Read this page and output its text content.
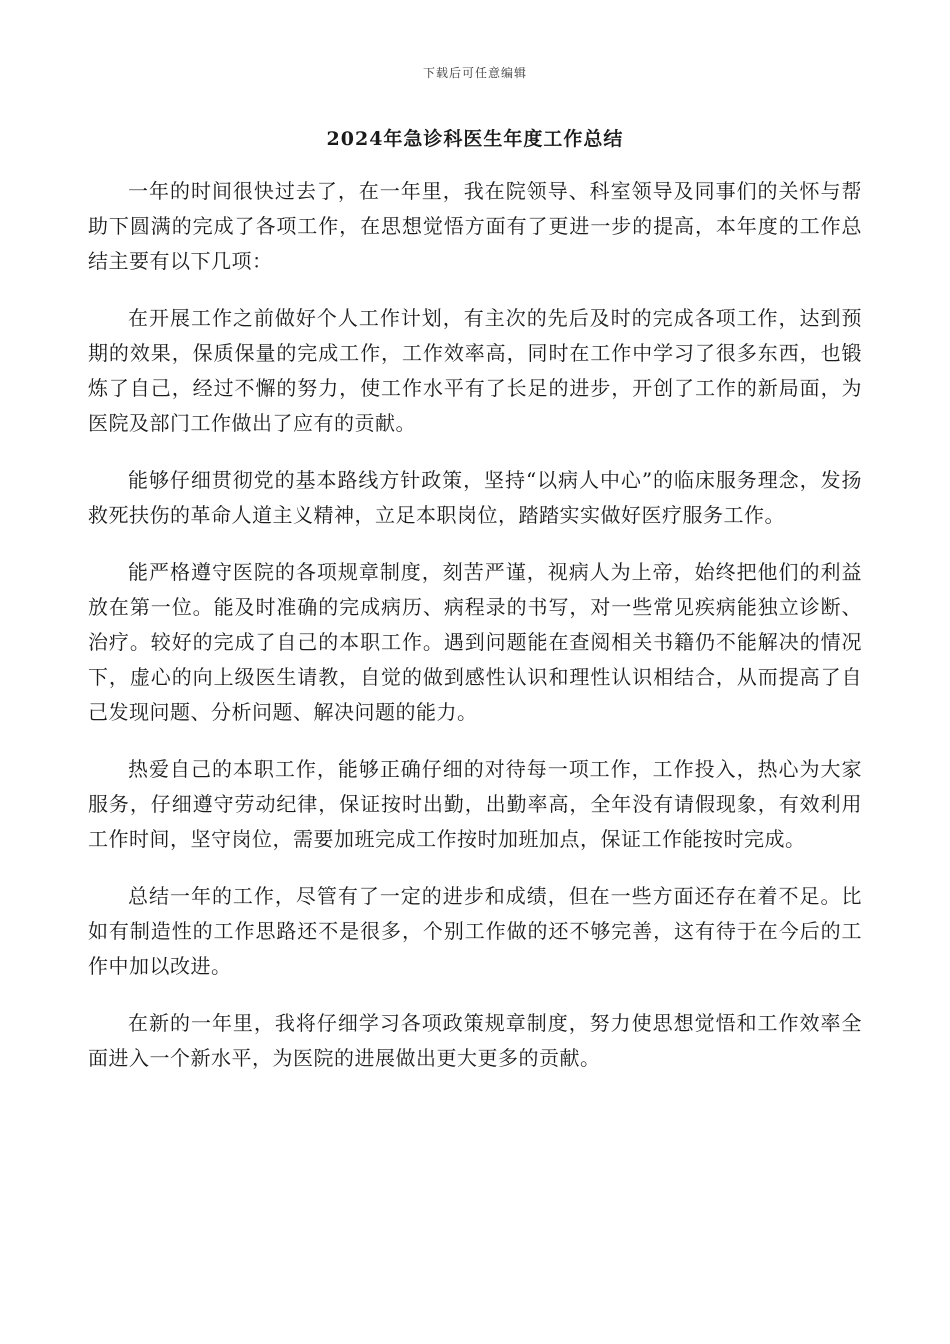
下载后可任意编辑
2024年急诊科医生年度工作总结

一年的时间很快过去了，在一年里，我在院领导、科室领导及同事们的关怀与帮助下圆满的完成了各项工作，在思想觉悟方面有了更进一步的提高，本年度的工作总结主要有以下几项：

在开展工作之前做好个人工作计划，有主次的先后及时的完成各项工作，达到预期的效果，保质保量的完成工作，工作效率高，同时在工作中学习了很多东西，也锻炼了自己，经过不懈的努力，使工作水平有了长足的进步，开创了工作的新局面，为医院及部门工作做出了应有的贡献。

能够仔细贯彻党的基本路线方针政策，坚持“以病人中心”的临床服务理念，发扬救死扶伤的革命人道主义精神，立足本职岗位，踏踏实实做好医疗服务工作。

能严格遵守医院的各项规章制度，刻苦严谨，视病人为上帝，始终把他们的利益放在第一位。能及时准确的完成病历、病程录的书写，对一些常见疾病能独立诊断、治疗。较好的完成了自己的本职工作。遇到问题能在查阅相关书籍仍不能解决的情况下，虚心的向上级医生请教，自觉的做到感性认识和理性认识相结合，从而提高了自己发现问题、分析问题、解决问题的能力。

热爱自己的本职工作，能够正确仔细的对待每一项工作，工作投入，热心为大家服务，仔细遵守劳动纪律，保证按时出勤，出勤率高，全年没有请假现象，有效利用工作时间，坚守岗位，需要加班完成工作按时加班加点，保证工作能按时完成。

总结一年的工作，尽管有了一定的进步和成绩，但在一些方面还存在着不足。比如有制造性的工作思路还不是很多，个别工作做的还不够完善，这有待于在今后的工作中加以改进。

在新的一年里，我将仔细学习各项政策规章制度，努力使思想觉悟和工作效率全面进入一个新水平，为医院的进展做出更大更多的贡献。
